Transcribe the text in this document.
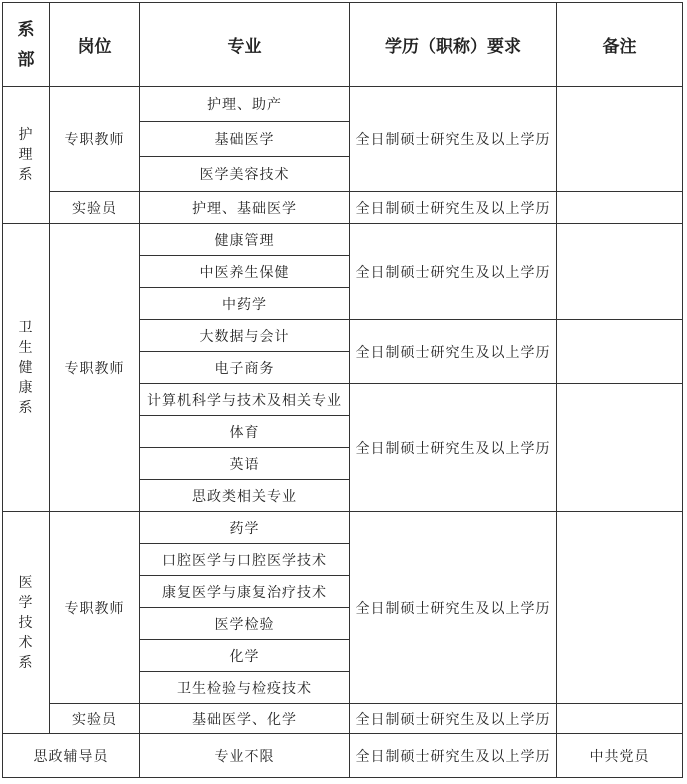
系
部	岗位	专业	学历（职称）要求	备注

护
理
系	专职教师	护理、助产	全日制硕士研究生及以上学历	
		基础医学		
		医学美容技术		
	实验员	护理、基础医学	全日制硕士研究生及以上学历	

卫
生
健
康
系	专职教师	健康管理	全日制硕士研究生及以上学历	
		中医养生保健		
		中药学		
		大数据与会计	全日制硕士研究生及以上学历	
		电子商务		
		计算机科学与技术及相关专业	全日制硕士研究生及以上学历	
		体育		
		英语		
		思政类相关专业		

医
学
技
术
系	专职教师	药学	全日制硕士研究生及以上学历	
		口腔医学与口腔医学技术		
		康复医学与康复治疗技术		
		医学检验		
		化学		
		卫生检验与检疫技术		
	实验员	基础医学、化学	全日制硕士研究生及以上学历	
思政辅导员		专业不限	全日制硕士研究生及以上学历	中共党员
